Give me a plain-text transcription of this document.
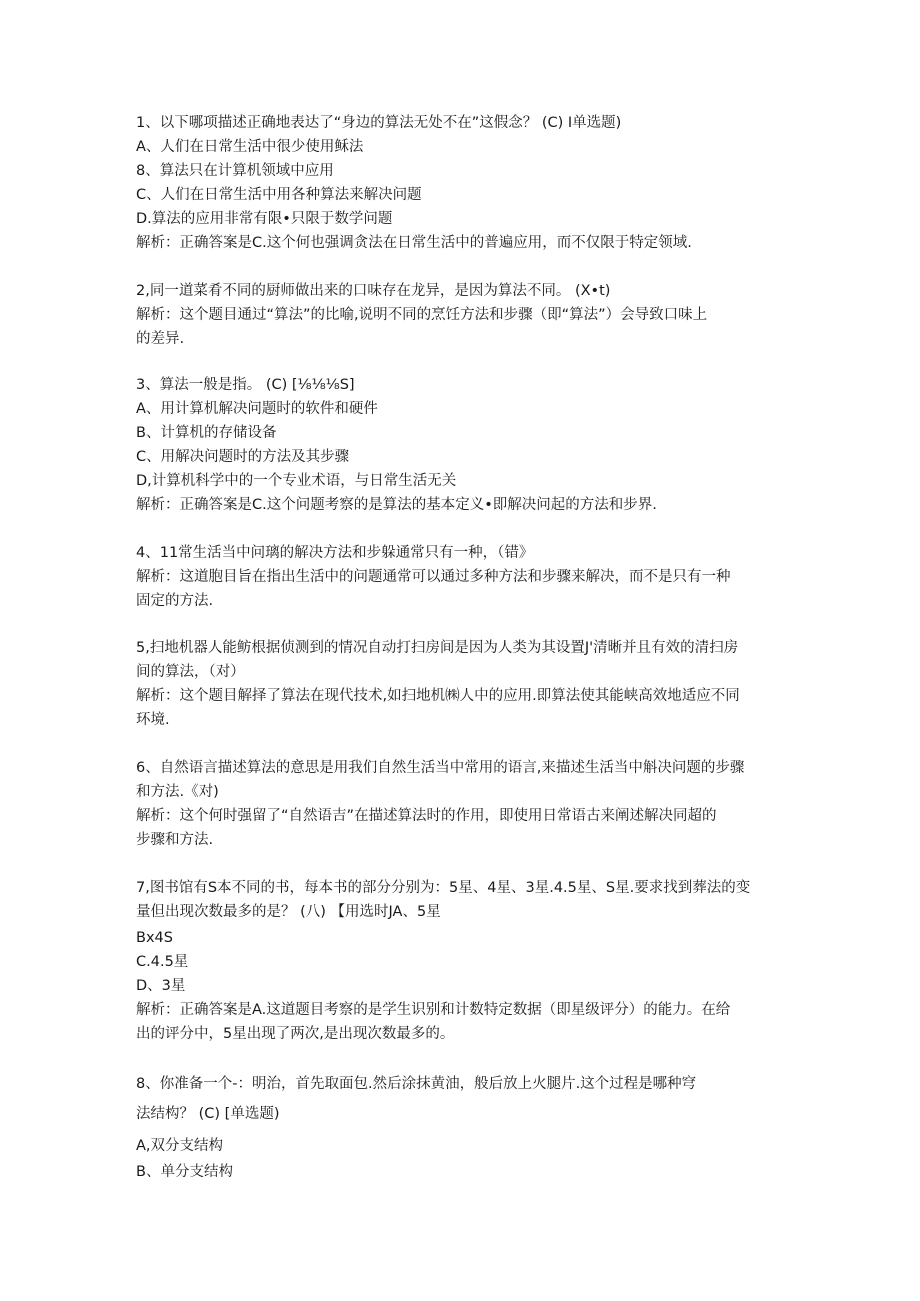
1、以下哪项描述正确地表达了“身边的算法无处不在”这假念？ (C) I单选题)
A、人们在日常生活中很少使用稣法
8、算法只在计算机领域中应用
C、人们在日常生活中用各种算法来解决问题
D.算法的应用非常有限•只限于数学问题
解析：正确答案是C.这个何也强调贪法在日常生活中的普遍应用，而不仅限于特定领域.
2,同一道菜肴不同的厨师做出来的口味存在龙异，是因为算法不同。 (X•t)
解析：这个题目通过“算法”的比喻,说明不同的烹饪方法和步骤（即“算法”）会导致口味上
的差异.
3、算法一般是指。 (C) [⅛⅛⅛S]
A、用计算机解决问题时的软件和硬件
B、计算机的存储设备
C、用解决问题时的方法及其步骤
D,计算机科学中的一个专业术语，与日常生活无关
解析：正确答案是C.这个问题考察的是算法的基本定义•即解决问起的方法和步界.
4、11常生活当中问璃的解决方法和步躲通常只有一种，（错》
解析：这道胞目旨在指出生活中的问题通常可以通过多种方法和步骤来解决，而不是只有一种
固定的方法.
5,扫地机器人能鲂根据侦测到的情况自动打扫房间是因为人类为其设置J'清晰并且有效的清扫房
间的算法，（对）
解析：这个题目解择了算法在现代技术,如扫地机㈱人中的应用.即算法使其能峡高效地适应不同
环境.
6、自然语言描述算法的意思是用我们自然生活当中常用的语言,来描述生活当中斛决问题的步骤
和方法.《对)
解析：这个何时强留了“自然语吉”在描述算法时的作用，即使用日常语古来阐述解决同超的
步骤和方法.
7,图书馆有S本不同的书，每本书的部分分别为：5星、4星、3星.4.5星、S星.要求找到葬法的变
量但出现次数最多的是？ (八) 【用选时JA、5星
Bx4S
C.4.5星
D、3星
解析：正确答案是A.这道题目考察的是学生识别和计数特定数据（即星级评分）的能力。在给
出的评分中，5星出现了两次,是出现次数最多的。
8、你准备一个-：明治，首先取面包.然后涂抹黄油，般后放上火腿片.这个过程是哪种穹
法结构？ (C) [单选题)
A,双分支结构
B、单分支结构
